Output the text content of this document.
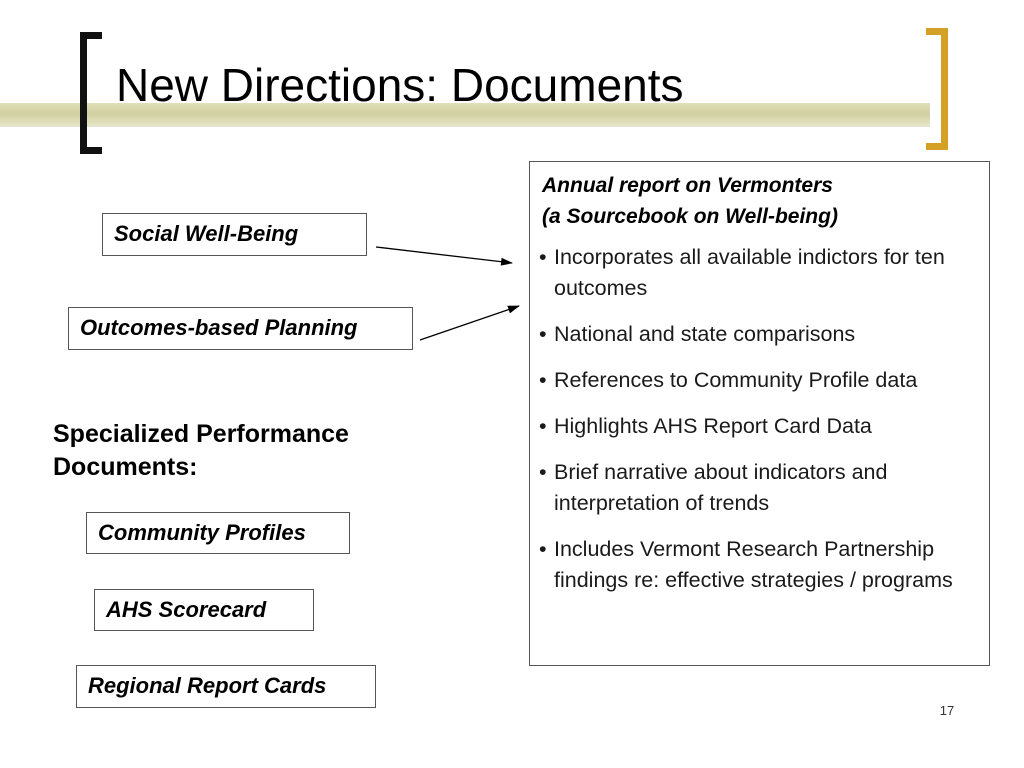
New Directions: Documents
Social Well-Being
Outcomes-based Planning
Specialized Performance
Documents:
Community Profiles
AHS Scorecard
Regional Report Cards
Annual report on Vermonters
(a Sourcebook on Well-being)
• Incorporates all available indictors for ten outcomes
• National and state comparisons
• References to Community Profile data
• Highlights AHS Report Card Data
• Brief narrative about indicators and interpretation of trends
• Includes Vermont Research Partnership findings re: effective strategies / programs
17
